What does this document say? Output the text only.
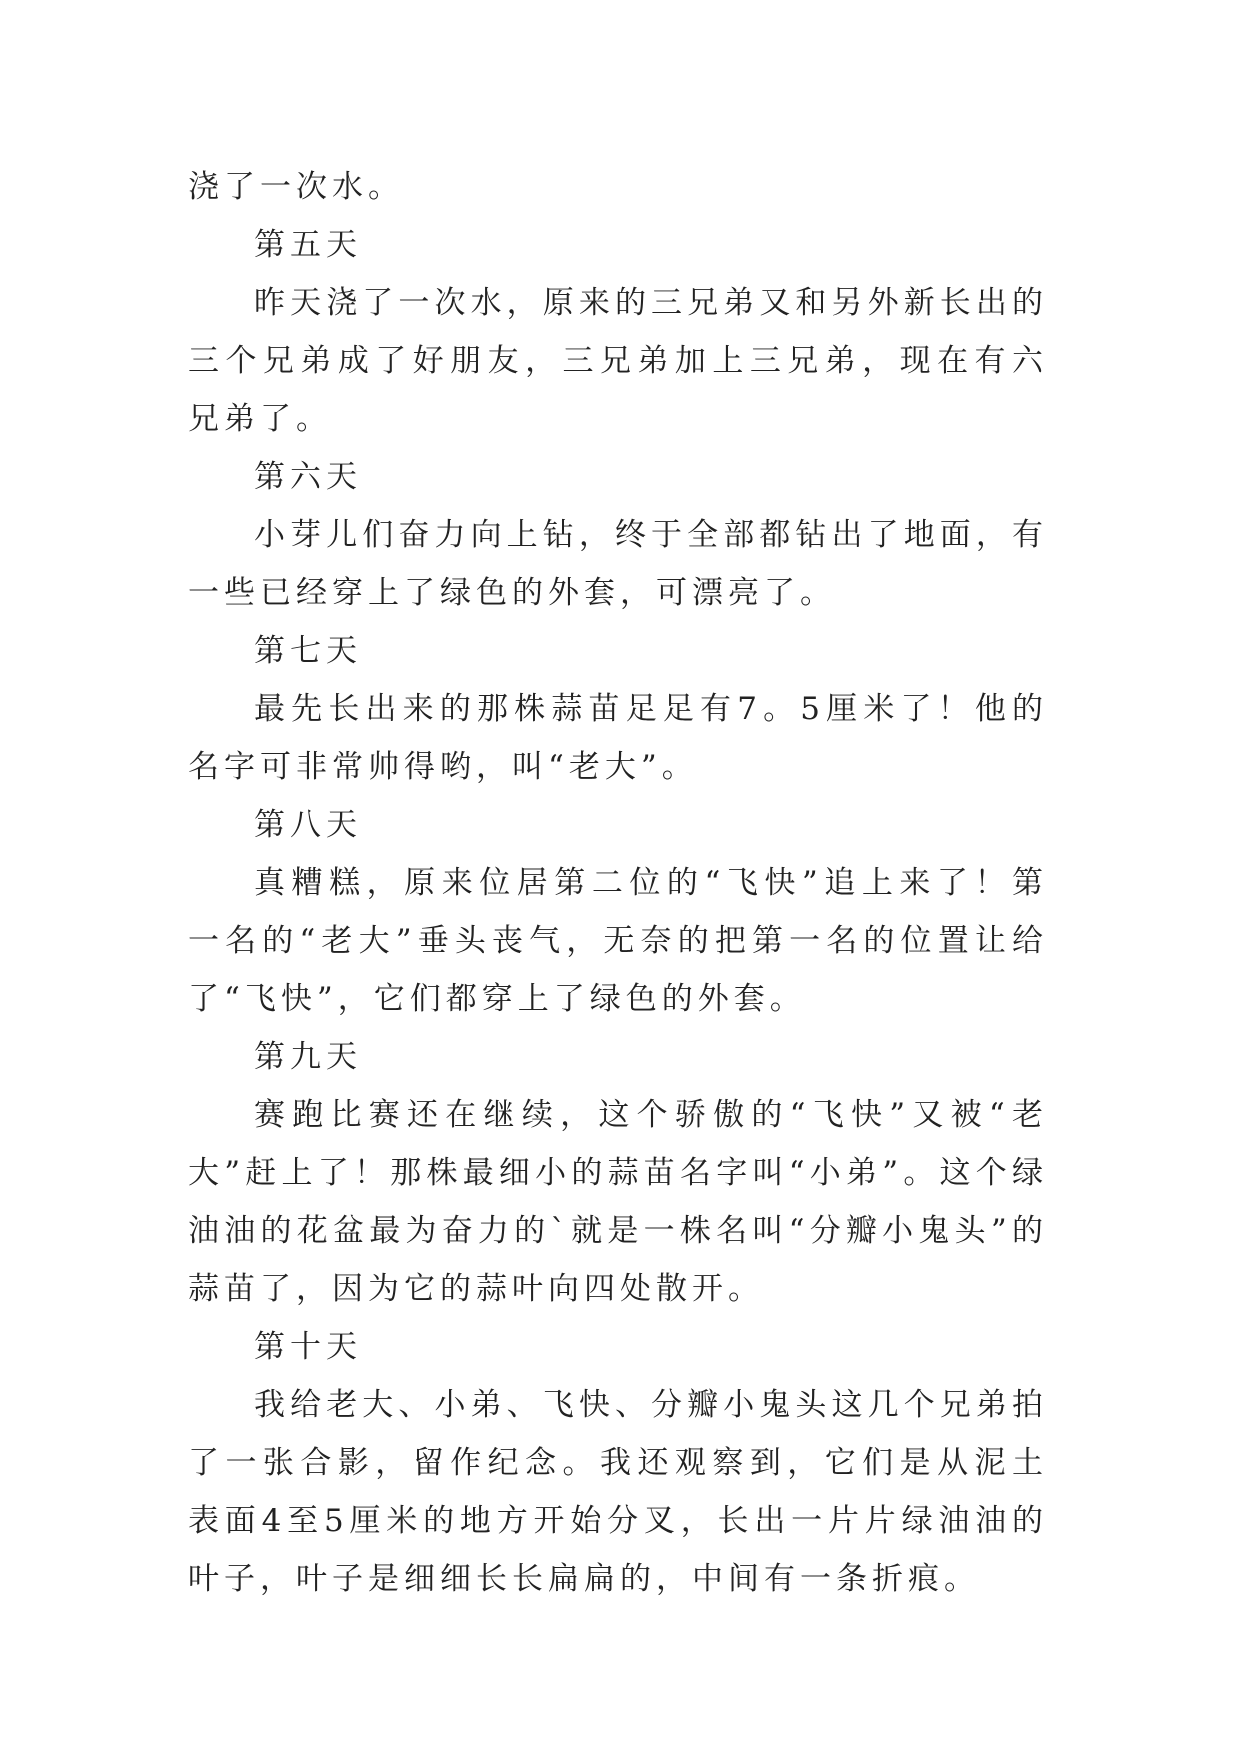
浇了一次水。

第五天

昨天浇了一次水，原来的三兄弟又和另外新长出的三个兄弟成了好朋友，三兄弟加上三兄弟，现在有六兄弟了。

第六天

小芽儿们奋力向上钻，终于全部都钻出了地面，有一些已经穿上了绿色的外套，可漂亮了。

第七天

最先长出来的那株蒜苗足足有7。5厘米了！他的名字可非常帅得哟，叫“老大”。

第八天

真糟糕，原来位居第二位的“飞快”追上来了！第一名的“老大”垂头丧气，无奈的把第一名的位置让给了“飞快”，它们都穿上了绿色的外套。

第九天

赛跑比赛还在继续，这个骄傲的“飞快”又被“老大”赶上了！那株最细小的蒜苗名字叫“小弟”。这个绿油油的花盆最为奋力的`就是一株名叫“分瓣小鬼头”的蒜苗了，因为它的蒜叶向四处散开。

第十天

我给老大、小弟、飞快、分瓣小鬼头这几个兄弟拍了一张合影，留作纪念。我还观察到，它们是从泥土表面4至5厘米的地方开始分叉，长出一片片绿油油的叶子，叶子是细细长长扁扁的，中间有一条折痕。
